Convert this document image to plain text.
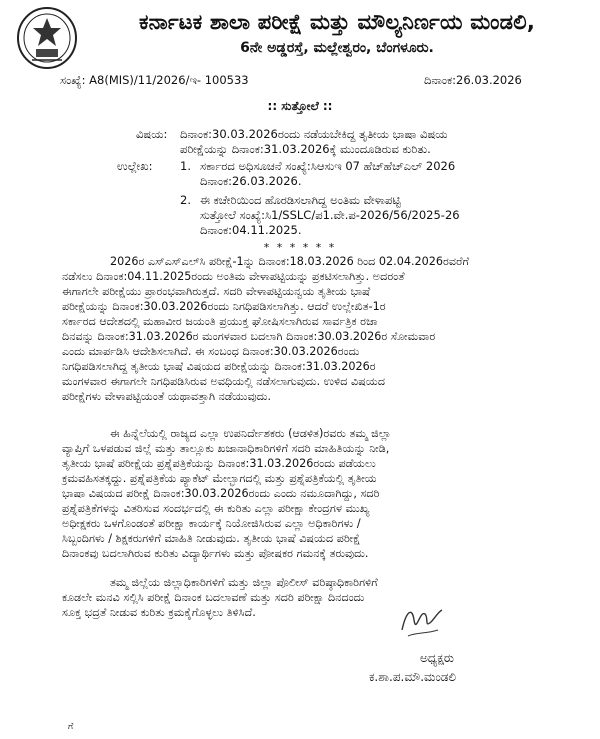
ಕರ್ನಾಟಕ ಶಾಲಾ ಪರೀಕ್ಷೆ ಮತ್ತು ಮೌಲ್ಯನಿರ್ಣಯ ಮಂಡಲಿ,
6ನೇ ಅಡ್ಡರಸ್ತೆ, ಮಲ್ಲೇಶ್ವರಂ, ಬೆಂಗಳೂರು.
ಸಂಖ್ಯೆ: A8(MIS)/11/2026/ಇ- 100533	ದಿನಾಂಕ:26.03.2026
:: ಸುತ್ತೋಲೆ ::
ವಿಷಯ: ದಿನಾಂಕ:30.03.2026ರಂದು ನಡೆಯಬೇಕಿದ್ದ ತೃತೀಯ ಭಾಷಾ ವಿಷಯ
ಪರೀಕ್ಷೆಯನ್ನು ದಿನಾಂಕ:31.03.2026ಕ್ಕೆ ಮುಂದೂಡಿರುವ ಕುರಿತು.
ಉಲ್ಲೇಖ: 1. ಸರ್ಕಾರದ ಅಧಿಸೂಚನೆ ಸಂಖ್ಯೆ:ಸಿಆಸುಇ 07 ಹೆಚ್‌ಹೆಚ್ಎಲ್ 2026
ದಿನಾಂಕ:26.03.2026.
2. ಈ ಕಚೇರಿಯಿಂದ ಹೊರಡಿಸಲಾಗಿದ್ದ ಅಂತಿಮ ವೇಳಾಪಟ್ಟಿ
ಸುತ್ತೋಲೆ ಸಂಖ್ಯೆ:ಸಿ1/SSLC/ಪ1.ವೇ.ಪ-2026/56/2025-26
ದಿನಾಂಕ:04.11.2025.
* * * * * *
2026ರ ಎಸ್‌ಎಸ್‌ಎಲ್‌ಸಿ ಪರೀಕ್ಷೆ-1ನ್ನು ದಿನಾಂಕ:18.03.2026 ರಿಂದ 02.04.2026ರವರೆಗೆ
ನಡೆಸಲು ದಿನಾಂಕ:04.11.2025ರಂದು ಅಂತಿಮ ವೇಳಾಪಟ್ಟಿಯನ್ನು ಪ್ರಕಟಿಸಲಾಗಿತ್ತು. ಅದರಂತೆ
ಈಗಾಗಲೇ ಪರೀಕ್ಷೆಯು ಪ್ರಾರಂಭವಾಗಿರುತ್ತದೆ. ಸದರಿ ವೇಳಾಪಟ್ಟಿಯನ್ವಯ ತೃತೀಯ ಭಾಷೆ
ಪರೀಕ್ಷೆಯನ್ನು ದಿನಾಂಕ:30.03.2026ರಂದು ನಿಗಧಿಪಡಿಸಲಾಗಿತ್ತು. ಆದರೆ ಉಲ್ಲೇಖಿತ-1ರ
ಸರ್ಕಾರದ ಆದೇಶದಲ್ಲಿ ಮಹಾವೀರ ಜಯಂತಿ ಪ್ರಯುಕ್ತ ಘೋಷಿಸಲಾಗಿರುವ ಸಾರ್ವತ್ರಿಕ ರಜಾ
ದಿನವನ್ನು ದಿನಾಂಕ:31.03.2026ರ ಮಂಗಳವಾರ ಬದಲಾಗಿ ದಿನಾಂಕ:30.03.2026ರ ಸೋಮವಾರ
ಎಂದು ಮಾರ್ಪಡಿಸಿ ಆದೇಶಿಸಲಾಗಿದೆ. ಈ ಸಂಬಂಧ ದಿನಾಂಕ:30.03.2026ರಂದು
ನಿಗಧಿಪಡಿಸಲಾಗಿದ್ದ ತೃತೀಯ ಭಾಷೆ ವಿಷಯದ ಪರೀಕ್ಷೆಯನ್ನು ದಿನಾಂಕ:31.03.2026ರ
ಮಂಗಳವಾರ ಈಗಾಗಲೇ ನಿಗಧಿಪಡಿಸಿರುವ ಅವಧಿಯಲ್ಲಿ ನಡೆಸಲಾಗುವುದು. ಉಳಿದ ವಿಷಯದ
ಪರೀಕ್ಷೆಗಳು ವೇಳಾಪಟ್ಟಿಯಂತೆ ಯಥಾವತ್ತಾಗಿ ನಡೆಯುವುದು.
ಈ ಹಿನ್ನೆಲೆಯಲ್ಲಿ ರಾಜ್ಯದ ಎಲ್ಲಾ ಉಪನಿರ್ದೇಶಕರು (ಆಡಳಿತ)ರವರು ತಮ್ಮ ಜಿಲ್ಲಾ
ವ್ಯಾಪ್ತಿಗೆ ಒಳಪಡುವ ಜಿಲ್ಲೆ ಮತ್ತು ತಾಲ್ಲೂಕು ಖಜಾನಾಧಿಕಾರಿಗಳಿಗೆ ಸದರಿ ಮಾಹಿತಿಯನ್ನು ನೀಡಿ,
ತೃತೀಯ ಭಾಷೆ ಪರೀಕ್ಷೆಯ ಪ್ರಶ್ನೆಪತ್ರಿಕೆಯನ್ನು ದಿನಾಂಕ:31.03.2026ರಂದು ಪಡೆಯಲು
ಕ್ರಮವಹಿಸತಕ್ಕದ್ದು. ಪ್ರಶ್ನೆಪತ್ರಿಕೆಯ ಪ್ಯಾಕೆಟ್ ಮೇಲ್ಭಾಗದಲ್ಲಿ ಮತ್ತು ಪ್ರಶ್ನೆಪತ್ರಿಕೆಯಲ್ಲಿ ತೃತೀಯ
ಭಾಷಾ ವಿಷಯದ ಪರೀಕ್ಷೆ ದಿನಾಂಕ:30.03.2026ರಂದು ಎಂದು ನಮೂದಾಗಿದ್ದು, ಸದರಿ
ಪ್ರಶ್ನೆಪತ್ರಿಕೆಗಳನ್ನು ವಿತರಿಸುವ ಸಂದರ್ಭದಲ್ಲಿ ಈ ಕುರಿತು ಎಲ್ಲಾ ಪರೀಕ್ಷಾ ಕೇಂದ್ರಗಳ ಮುಖ್ಯ
ಅಧೀಕ್ಷಕರು ಒಳಗೊಂಡಂತೆ ಪರೀಕ್ಷಾ ಕಾರ್ಯಕ್ಕೆ ನಿಯೋಜಿಸಿರುವ ಎಲ್ಲಾ ಅಧಿಕಾರಿಗಳು /
ಸಿಬ್ಬಂದಿಗಳು / ಶಿಕ್ಷಕರುಗಳಿಗೆ ಮಾಹಿತಿ ನೀಡುವುದು. ತೃತೀಯ ಭಾಷೆ ವಿಷಯದ ಪರೀಕ್ಷೆ
ದಿನಾಂಕವು ಬದಲಾಗಿರುವ ಕುರಿತು ವಿದ್ಯಾರ್ಥಿಗಳು ಮತ್ತು ಪೋಷಕರ ಗಮನಕ್ಕೆ ತರುವುದು.
ತಮ್ಮ ಜಿಲ್ಲೆಯ ಜಿಲ್ಲಾಧಿಕಾರಿಗಳಿಗೆ ಮತ್ತು ಜಿಲ್ಲಾ ಪೊಲೀಸ್ ವರಿಷ್ಠಾಧಿಕಾರಿಗಳಿಗೆ
ಕೂಡಲೇ ಮನವಿ ಸಲ್ಲಿಸಿ ಪರೀಕ್ಷೆ ದಿನಾಂಕ ಬದಲಾವಣೆ ಮತ್ತು ಸದರಿ ಪರೀಕ್ಷಾ ದಿನದಂದು
ಸೂಕ್ತ ಭದ್ರತೆ ನೀಡುವ ಕುರಿತು ಕ್ರಮಕೈಗೊಳ್ಳಲು ತಿಳಿಸಿದೆ.
ಅಧ್ಯಕ್ಷರು
ಕ.ಶಾ.ಪ.ಮೌ.ಮಂಡಲಿ
ಗೆ
